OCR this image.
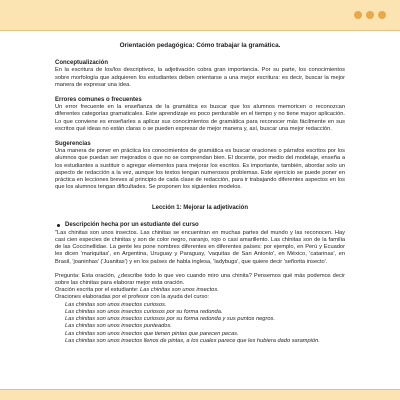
Orientación pedagógica: Cómo trabajar la gramática.
Conceptualización

En la escritura de los/los descriptivos, la adjetivación cobra gran importancia. Por su parte, los conocimientos sobre morfología que adquieren los estudiantes deben orientarse a una mejor escritura: es decir, buscar la mejor manera de expresar una idea.

Errores comunes o frecuentes

Un error frecuente en la enseñanza de la gramática es buscar que los alumnos memoricen o reconozcan diferentes categorías gramaticales. Este aprendizaje es poco perdurable en el tiempo y no tiene mayor aplicación. Lo que conviene es enseñarles a aplicar sus conocimientos de gramática para reconocer más fácilmente en sus escritos qué ideas no están claras o se pueden expresar de mejor manera y, así, buscar una mejor redacción.

Sugerencias

Una manera de poner en práctica los conocimientos de gramática es buscar oraciones o párrafos escritos por los alumnos que puedan ser mejorados o que no se comprendan bien. El docente, por medio del modelaje, enseña a los estudiantes a sustituir o agregar elementos para mejorar los escritos. Es importante, también, abordar solo un aspecto de redacción a la vez, aunque los textos tengan numerosos problemas. Este ejercicio se puede poner en práctica en lecciones breves al principio de cada clase de redacción, para ir trabajando diferentes aspectos en los que los alumnos tengan dificultades. Se proponen los siguientes modelos.

Lección 1: Mejorar la adjetivación
Descripción hecha por un estudiante del curso

"Las chinitas son unos insectos. Las chinitas se encuentran en muchas partes del mundo y las reconocen. Hay casi cien especies de chinitas y son de color negro, naranjo, rojo o casi amarillento. Las chinitas son de la familia de las Coccinellidae. La gente les pone nombres diferentes en diferentes países: por ejemplo, en Perú y Ecuador les dicen 'mariquitas', en Argentina, Uruguay y Paraguay, 'vaquitas de San Antonio', en México, 'catarinas', en Brasil, 'joaninhas' ('Juanitas') y en los países de habla inglesa, 'ladybugs', que quiere decir 'señorita insecto'.

Pregunta: Esta oración, ¿describe todo lo que veo cuando miro una chinita? Pensemos qué más podemos decir sobre las chinitas para elaborar mejor esta oración.

Oración escrita por el estudiante: Las chinitas son unos insectos.

Oraciones elaboradas por el profesor con la ayuda del curso:

Las chinitas son unos insectos curiosos.

Las chinitas son unos insectos curiosos por su forma redonda.

Las chinitas son unos insectos curiosos por su forma redonda y sus puntos negros.

Las chinitas son unos insectos punteados.

Las chinitas son unos insectos que tienen pintas que parecen pecas.

Las chinitas son unos insectos llenos de pintas, a los cuales parece que les hubiera dado sarampión.
